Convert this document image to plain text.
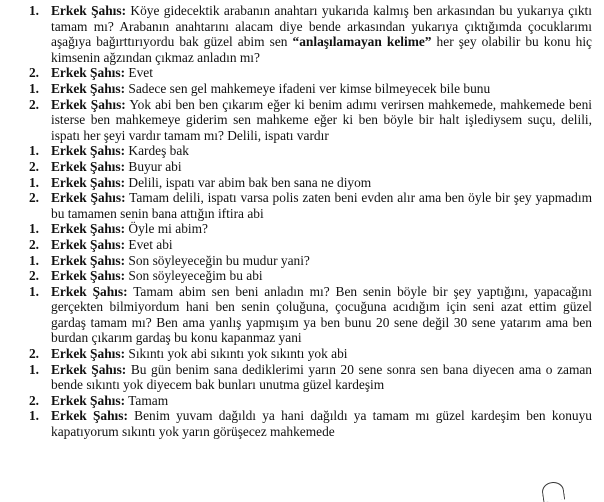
1. Erkek Şahıs: Köye gidecektik arabanın anahtarı yukarıda kalmış ben arkasından bu yukarıya çıktı tamam mı? Arabanın anahtarını alacam diye bende arkasından yukarıya çıktığımda çocuklarımı aşağıya bağırttırıyordu bak güzel abim sen “anlaşılamayan kelime” her şey olabilir bu konu hiç kimsenin ağzından çıkmaz anladın mı?
2. Erkek Şahıs: Evet
1. Erkek Şahıs: Sadece sen gel mahkemeye ifadeni ver kimse bilmeyecek bile bunu
2. Erkek Şahıs: Yok abi ben ben çıkarım eğer ki benim adımı verirsen mahkemede, mahkemede beni isterse ben mahkemeye giderim sen mahkeme eğer ki ben böyle bir halt işlediysem suçu, delili, ispatı her şeyi vardır tamam mı? Delili, ispatı vardır
1. Erkek Şahıs: Kardeş bak
2. Erkek Şahıs: Buyur abi
1. Erkek Şahıs: Delili, ispatı var abim bak ben sana ne diyom
2. Erkek Şahıs: Tamam delili, ispatı varsa polis zaten beni evden alır ama ben öyle bir şey yapmadım bu tamamen senin bana attığın iftira abi
1. Erkek Şahıs: Öyle mi abim?
2. Erkek Şahıs: Evet abi
1. Erkek Şahıs: Son söyleyeceğin bu mudur yani?
2. Erkek Şahıs: Son söyleyeceğim bu abi
1. Erkek Şahıs: Tamam abim sen beni anladın mı? Ben senin böyle bir şey yaptığını, yapacağını gerçekten bilmiyordum hani ben senin çoluğuna, çocuğuna acıdığım için seni azat ettim güzel gardaş tamam mı? Ben ama yanlış yapmışım ya ben bunu 20 sene değil 30 sene yatarım ama ben burdan çıkarım gardaş bu konu kapanmaz yani
2. Erkek Şahıs: Sıkıntı yok abi sıkıntı yok sıkıntı yok abi
1. Erkek Şahıs: Bu gün benim sana dediklerimi yarın 20 sene sonra sen bana diyecen ama o zaman bende sıkıntı yok diyecem bak bunları unutma güzel kardeşim
2. Erkek Şahıs: Tamam
1. Erkek Şahıs: Benim yuvam dağıldı ya hani dağıldı ya tamam mı güzel kardeşim ben konuyu kapatıyorum sıkıntı yok yarın görüşecez mahkemede
